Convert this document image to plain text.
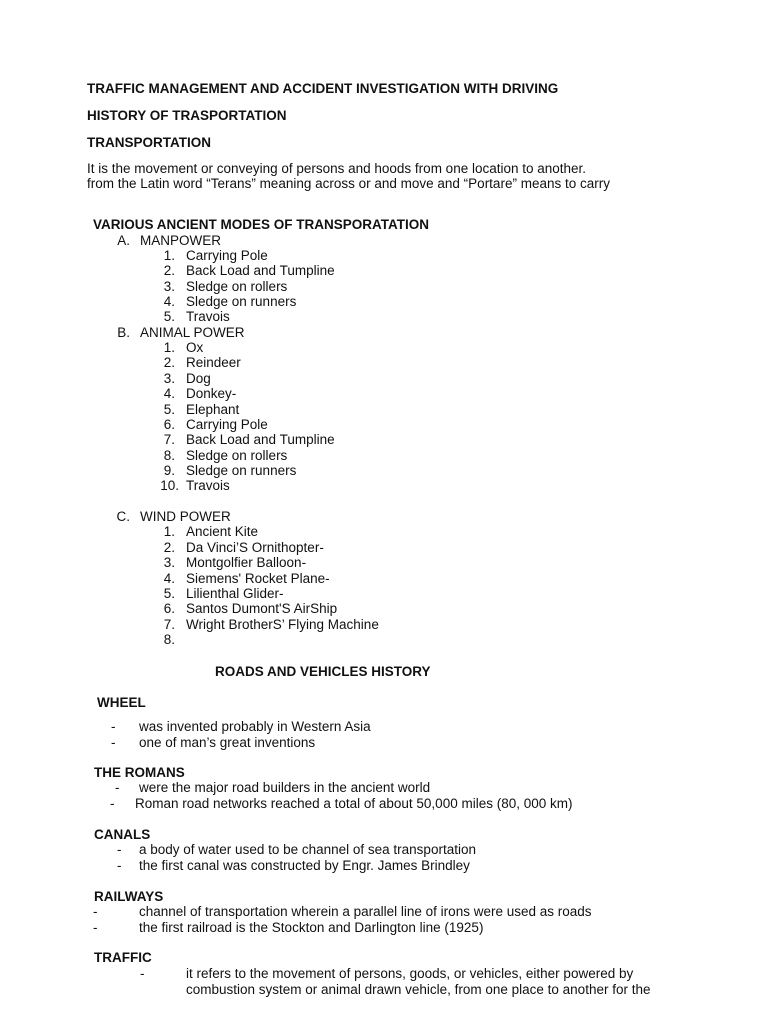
TRAFFIC MANAGEMENT AND ACCIDENT INVESTIGATION WITH DRIVING
HISTORY OF TRASPORTATION
TRANSPORTATION
It is the movement or conveying of persons and hoods from one location to another.
from the Latin word “Terans” meaning across or and move and “Portare” means to carry
VARIOUS ANCIENT MODES OF TRANSPORATATION
A. MANPOWER
1. Carrying Pole
2. Back Load and Tumpline
3. Sledge on rollers
4. Sledge on runners
5. Travois
B. ANIMAL POWER
1. Ox
2. Reindeer
3. Dog
4. Donkey-
5. Elephant
6. Carrying Pole
7. Back Load and Tumpline
8. Sledge on rollers
9. Sledge on runners
10. Travois
C. WIND POWER
1. Ancient Kite
2. Da Vinci’S Ornithopter-
3. Montgolfier Balloon-
4. Siemens' Rocket Plane-
5. Lilienthal Glider-
6. Santos Dumont'S AirShip
7. Wright BrotherS’ Flying Machine
8.
ROADS AND VEHICLES HISTORY
WHEEL
- was invented probably in Western Asia
- one of man’s great inventions
THE ROMANS
- were the major road builders in the ancient world
- Roman road networks reached a total of about 50,000 miles (80, 000 km)
CANALS
- a body of water used to be channel of sea transportation
- the first canal was constructed by Engr. James Brindley
RAILWAYS
-	channel of transportation wherein a parallel line of irons were used as roads
-	the first railroad is the Stockton and Darlington line (1925)
TRAFFIC
-	it refers to the movement of persons, goods, or vehicles, either powered by
combustion system or animal drawn vehicle, from one place to another for the
